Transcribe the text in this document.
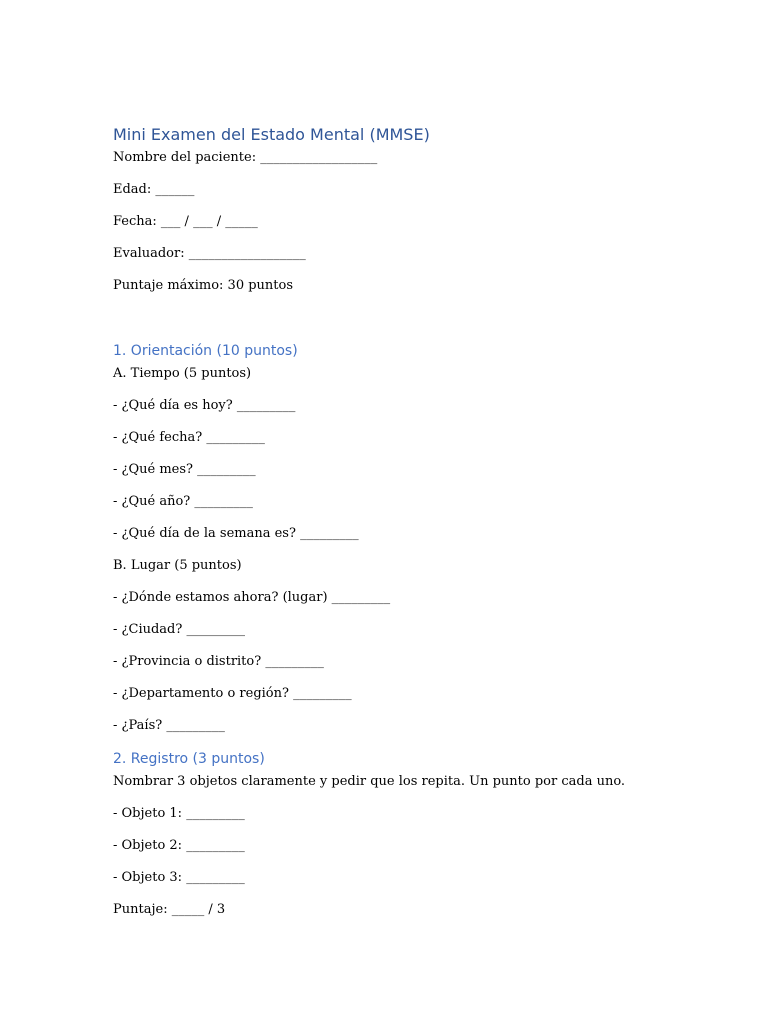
Mini Examen del Estado Mental (MMSE)

Nombre del paciente: __________________

Edad: ______

Fecha: ___ / ___ / _____

Evaluador: __________________

Puntaje máximo: 30 puntos

1. Orientación (10 puntos)

A. Tiempo (5 puntos)

- ¿Qué día es hoy? _________

- ¿Qué fecha? _________

- ¿Qué mes? _________

- ¿Qué año? _________

- ¿Qué día de la semana es? _________

B. Lugar (5 puntos)

- ¿Dónde estamos ahora? (lugar) _________

- ¿Ciudad? _________

- ¿Provincia o distrito? _________

- ¿Departamento o región? _________

- ¿País? _________

2. Registro (3 puntos)

Nombrar 3 objetos claramente y pedir que los repita. Un punto por cada uno.

- Objeto 1: _________

- Objeto 2: _________

- Objeto 3: _________

Puntaje: _____ / 3
